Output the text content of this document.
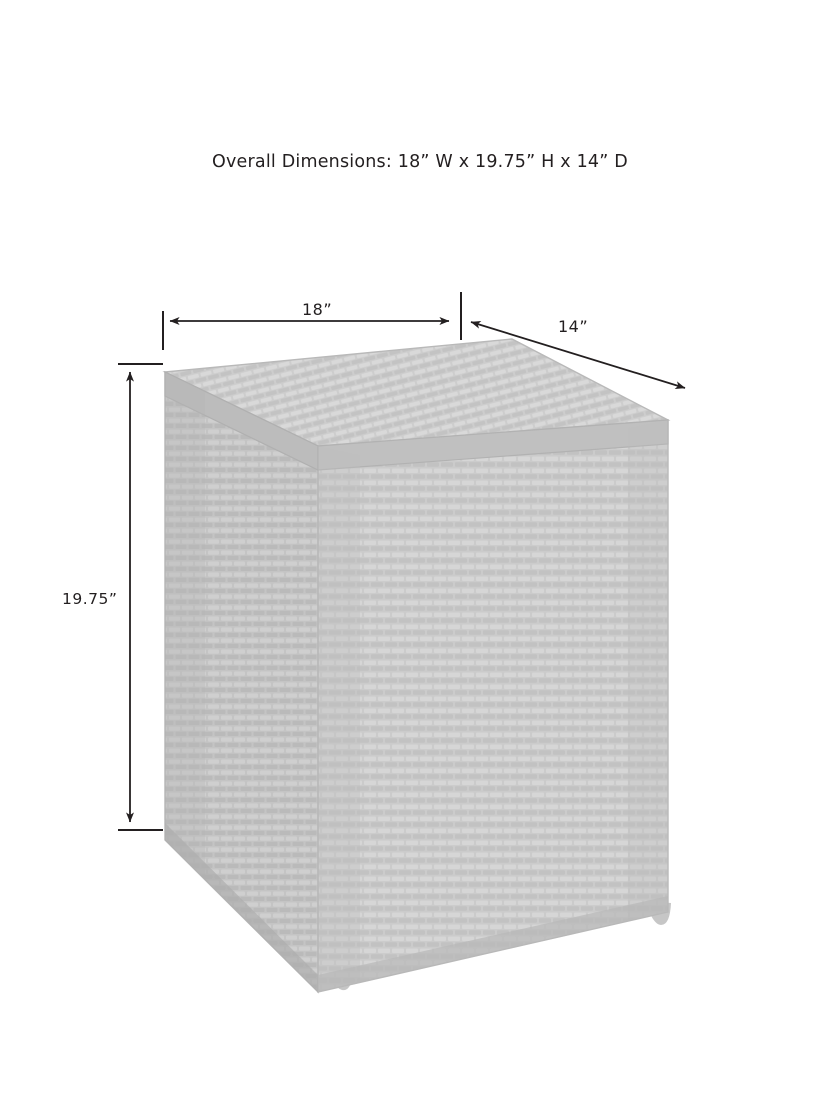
Overall Dimensions: 18” W x 19.75” H x 14” D
18”
14”
19.75”
